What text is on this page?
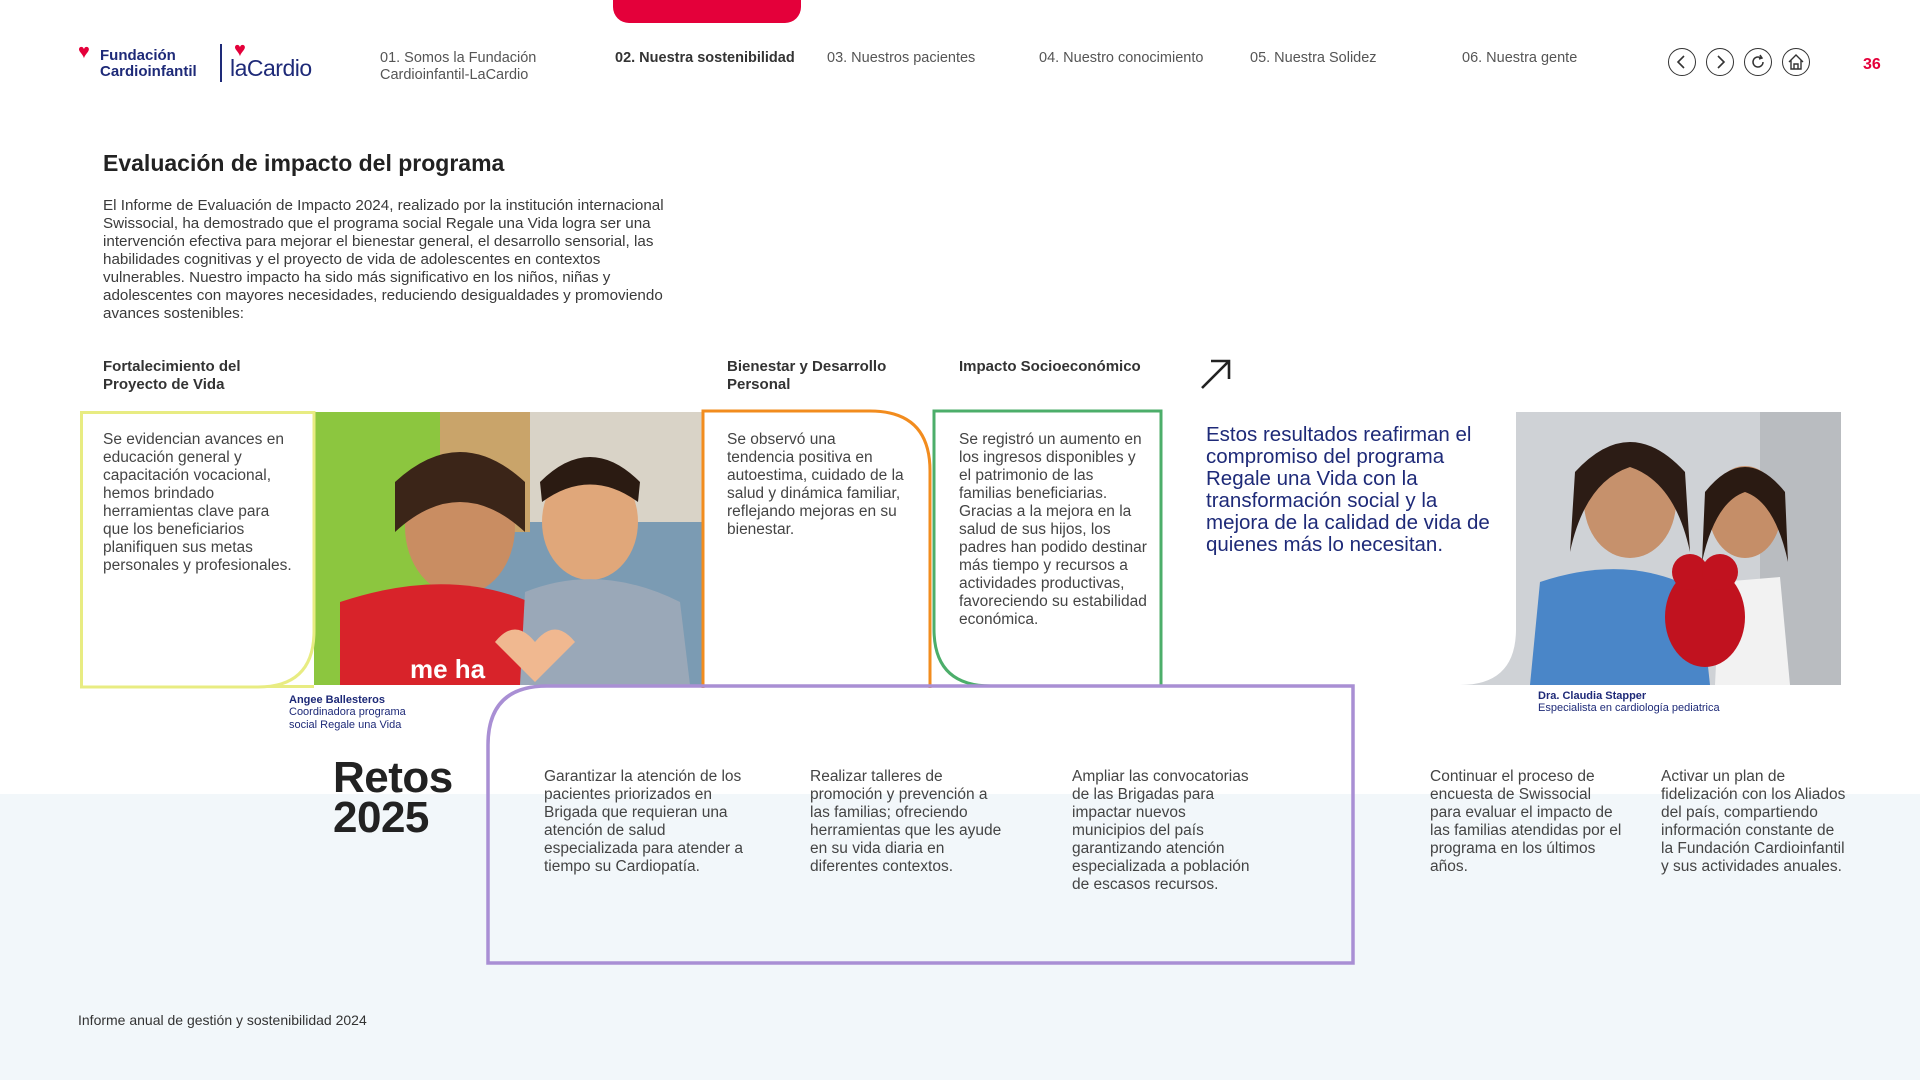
♥ Fundación Cardioinfantil
♥
laCardio	01. Somos la Fundación Cardioinfantil-LaCardio
02. Nuestra sostenibilidad	03. Nuestros pacientes	04. Nuestro conocimiento	05. Nuestra Solidez	06. Nuestra gente	36
Evaluación de impacto del programa
El Informe de Evaluación de Impacto 2024, realizado por la institución internacional Swissocial, ha demostrado que el programa social Regale una Vida logra ser una intervención efectiva para mejorar el bienestar general, el desarrollo sensorial, las habilidades cognitivas y el proyecto de vida de adolescentes en contextos vulnerables. Nuestro impacto ha sido más significativo en los niños, niñas y adolescentes con mayores necesidades, reduciendo desigualdades y promoviendo avances sostenibles:
Fortalecimiento del Proyecto de Vida
Bienestar y Desarrollo Personal
Impacto Socioeconómico
me ha
Se evidencian avances en educación general y capacitación vocacional, hemos brindado herramientas clave para que los beneficiarios planifiquen sus metas personales y profesionales.
Se observó una tendencia positiva en autoestima, cuidado de la salud y dinámica familiar, reflejando mejoras en su bienestar.
Se registró un aumento en los ingresos disponibles y el patrimonio de las familias beneficiarias. Gracias a la mejora en la salud de sus hijos, los padres han podido destinar más tiempo y recursos a actividades productivas, favoreciendo su estabilidad económica.
Angee Ballesteros
Coordinadora programa social Regale una Vida
Estos resultados reafirman el compromiso del programa Regale una Vida con la transformación social y la mejora de la calidad de vida de quienes más lo necesitan.
Dra. Claudia Stapper
Especialista en cardiología pediatrica
Retos
2025
Garantizar la atención de los pacientes priorizados en Brigada que requieran una atención de salud especializada para atender a tiempo su Cardiopatía.
Realizar talleres de promoción y prevención a las familias; ofreciendo herramientas que les ayude en su vida diaria en diferentes contextos.
Ampliar las convocatorias de las Brigadas para impactar nuevos municipios del país garantizando atención especializada a población de escasos recursos.
Continuar el proceso de encuesta de Swissocial para evaluar el impacto de las familias atendidas por el programa en los últimos años.
Activar un plan de fidelización con los Aliados del país, compartiendo información constante de la Fundación Cardioinfantil y sus actividades anuales.
Informe anual de gestión y sostenibilidad 2024
